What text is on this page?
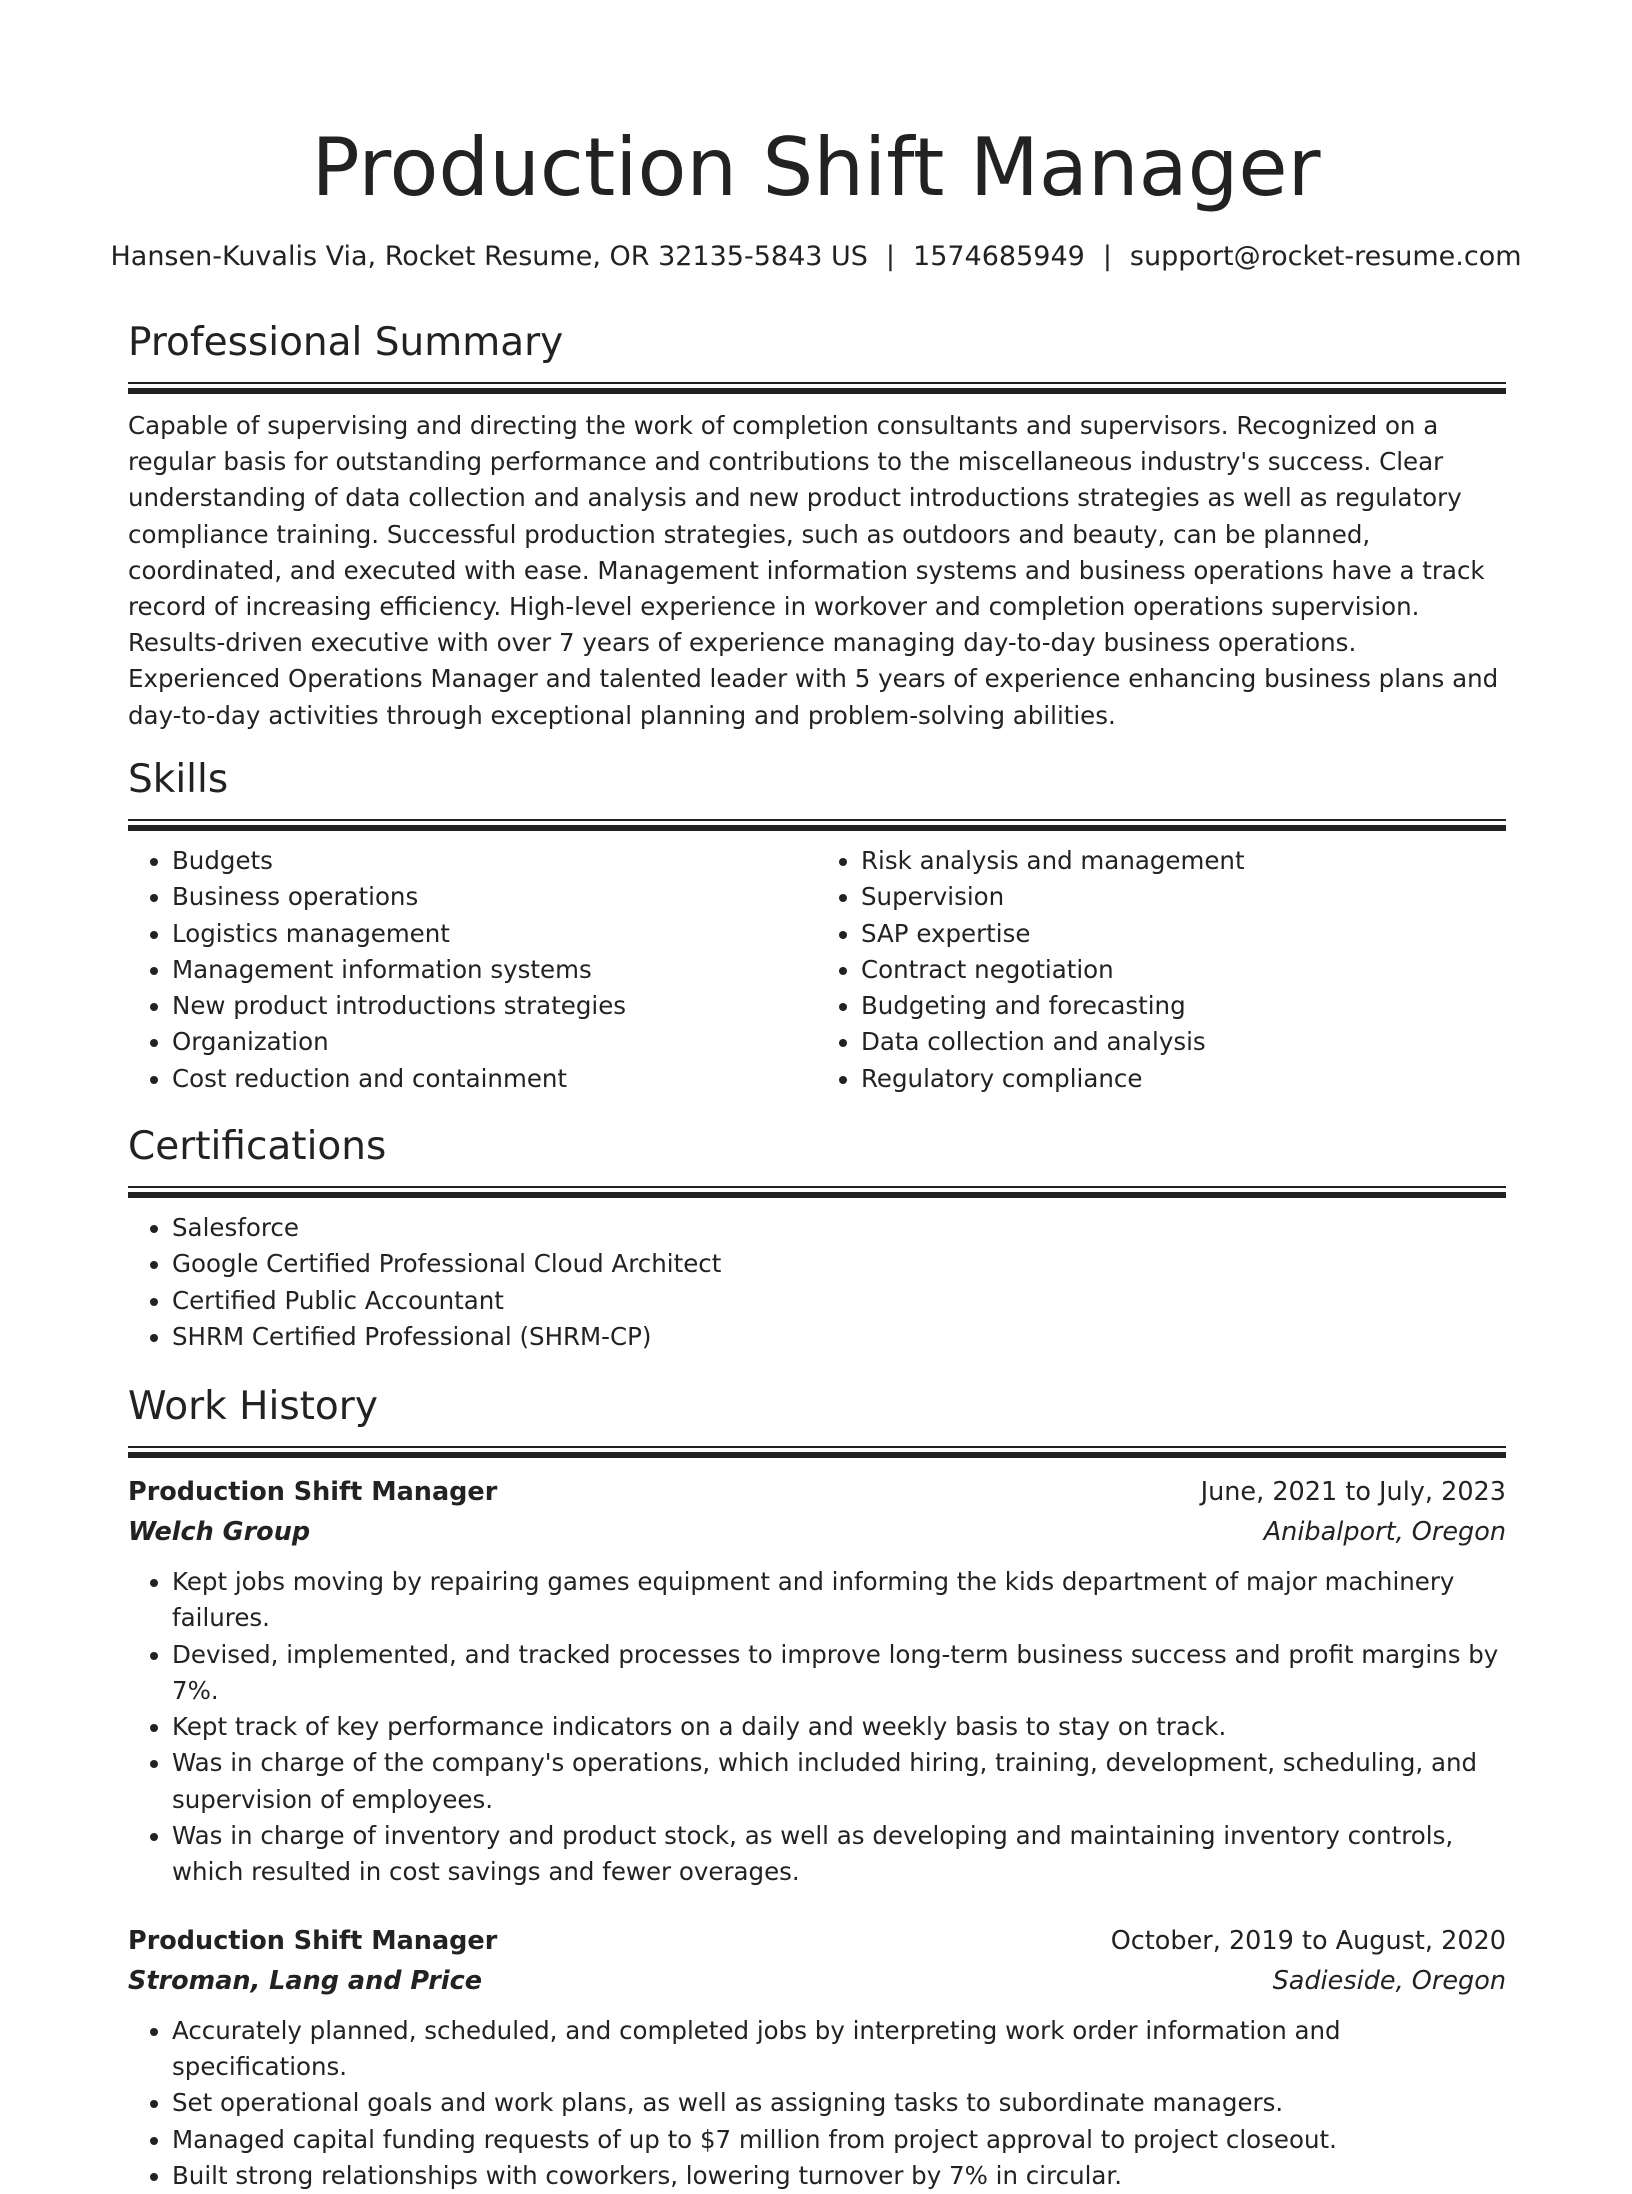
Production Shift Manager
Hansen-Kuvalis Via, Rocket Resume, OR 32135-5843 US | 1574685949 | support@rocket-resume.com
Professional Summary
Capable of supervising and directing the work of completion consultants and supervisors. Recognized on a regular basis for outstanding performance and contributions to the miscellaneous industry's success. Clear understanding of data collection and analysis and new product introductions strategies as well as regulatory compliance training. Successful production strategies, such as outdoors and beauty, can be planned, coordinated, and executed with ease. Management information systems and business operations have a track record of increasing efficiency. High-level experience in workover and completion operations supervision. Results-driven executive with over 7 years of experience managing day-to-day business operations. Experienced Operations Manager and talented leader with 5 years of experience enhancing business plans and day-to-day activities through exceptional planning and problem-solving abilities.
Skills
• Budgets
• Business operations
• Logistics management
• Management information systems
• New product introductions strategies
• Organization
• Cost reduction and containment
• Risk analysis and management
• Supervision
• SAP expertise
• Contract negotiation
• Budgeting and forecasting
• Data collection and analysis
• Regulatory compliance
Certifications
• Salesforce
• Google Certified Professional Cloud Architect
• Certified Public Accountant
• SHRM Certified Professional (SHRM-CP)
Work History
Production Shift Manager	June, 2021 to July, 2023
Welch Group	Anibalport, Oregon
• Kept jobs moving by repairing games equipment and informing the kids department of major machinery failures.
• Devised, implemented, and tracked processes to improve long-term business success and profit margins by 7%.
• Kept track of key performance indicators on a daily and weekly basis to stay on track.
• Was in charge of the company's operations, which included hiring, training, development, scheduling, and supervision of employees.
• Was in charge of inventory and product stock, as well as developing and maintaining inventory controls, which resulted in cost savings and fewer overages.
Production Shift Manager	October, 2019 to August, 2020
Stroman, Lang and Price	Sadieside, Oregon
• Accurately planned, scheduled, and completed jobs by interpreting work order information and specifications.
• Set operational goals and work plans, as well as assigning tasks to subordinate managers.
• Managed capital funding requests of up to $7 million from project approval to project closeout.
• Built strong relationships with coworkers, lowering turnover by 7% in circular.
